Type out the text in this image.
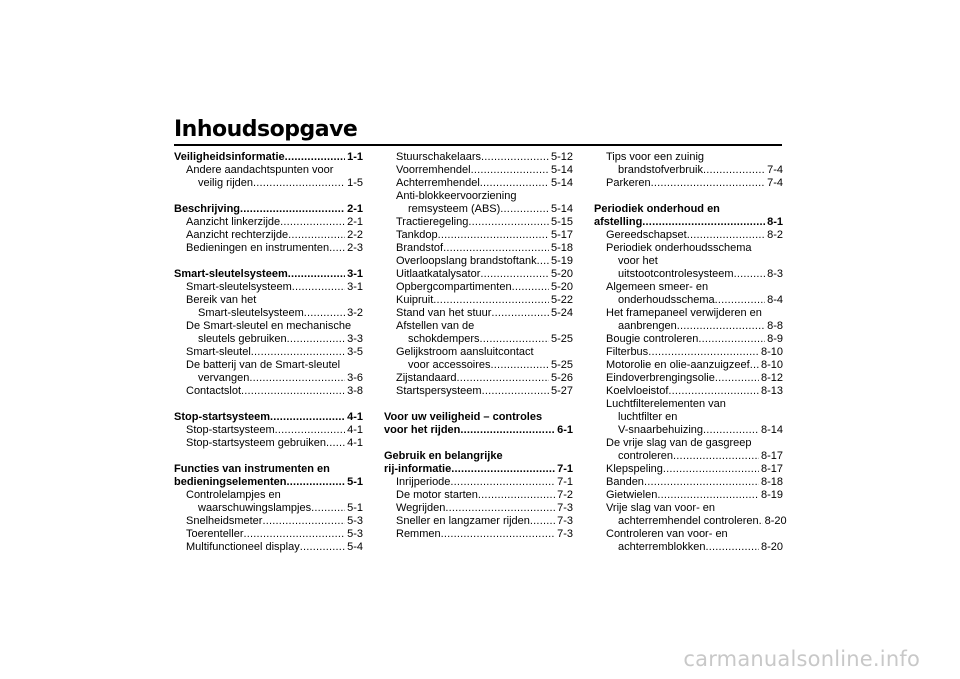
Inhoudsopgave
Veiligheidsinformatie .....	1-1
Andere aandachtspunten voor
veilig rijden .....	1-5
Beschrijving .....	2-1
Aanzicht linkerzijde .....	2-1
Aanzicht rechterzijde .....	2-2
Bedieningen en instrumenten ..... 2-3
Smart-sleutelsysteem .....	3-1
Smart-sleutelsysteem .....	3-1
Bereik van het
Smart-sleutelsysteem .....	3-2
De Smart-sleutel en mechanische
sleutels gebruiken .....	3-3
Smart-sleutel .....	3-5
De batterij van de Smart-sleutel
vervangen .....	3-6
Contactslot .....	3-8
Stop-startsysteem .....	4-1
Stop-startsysteem .....	4-1
Stop-startsysteem gebruiken ..... 4-1
Functies van instrumenten en
bedieningselementen .....	5-1
Controlelampjes en
waarschuwingslampjes .....	5-1
Snelheidsmeter .....	5-3
Toerenteller .....	5-3
Multifunctioneel display .....	5-4
Stuurschakelaars .....	5-12
Voorremhendel .....	5-14
Achterremhendel .....	5-14
Anti-blokkeervoorziening
remsysteem (ABS) .....	5-14
Tractieregeling .....	5-15
Tankdop .....	5-17
Brandstof .....	5-18
Overloopslang brandstoftank ..... 5-19
Uitlaatkatalysator .....	5-20
Opbergcompartimenten .....	5-20
Kuipruit .....	5-22
Stand van het stuur .....	5-24
Afstellen van de
schokdempers .....	5-25
Gelijkstroom aansluitcontact
voor accessoires .....	5-25
Zijstandaard .....	5-26
Startspersysteem .....	5-27
Voor uw veiligheid – controles
voor het rijden .....	6-1
Gebruik en belangrijke
rij-informatie .....	7-1
Inrijperiode .....	7-1
De motor starten .....	7-2
Wegrijden .....	7-3
Sneller en langzamer rijden ..... 7-3
Remmen .....	7-3
Tips voor een zuinig
brandstofverbruik .....	7-4
Parkeren .....	7-4
Periodiek onderhoud en
afstelling .....	8-1
Gereedschapset .....	8-2
Periodiek onderhoudsschema
voor het
uitstootcontrolesysteem .....	8-3
Algemeen smeer- en
onderhoudsschema .....	8-4
Het framepaneel verwijderen en
aanbrengen .....	8-8
Bougie controleren .....	8-9
Filterbus .....	8-10
Motorolie en olie-aanzuigzeef ..... 8-10
Eindoverbrengingsolie .....	8-12
Koelvloeistof .....	8-13
Luchtfilterelementen van
luchtfilter en
V-snaarbehuizing .....	8-14
De vrije slag van de gasgreep
controleren .....	8-17
Klepspeling .....	8-17
Banden .....	8-18
Gietwielen .....	8-19
Vrije slag van voor- en
achterremhendel controleren ..... 8-20
Controleren van voor- en
achterremblokken .....	8-20
carmanualsonline.info
